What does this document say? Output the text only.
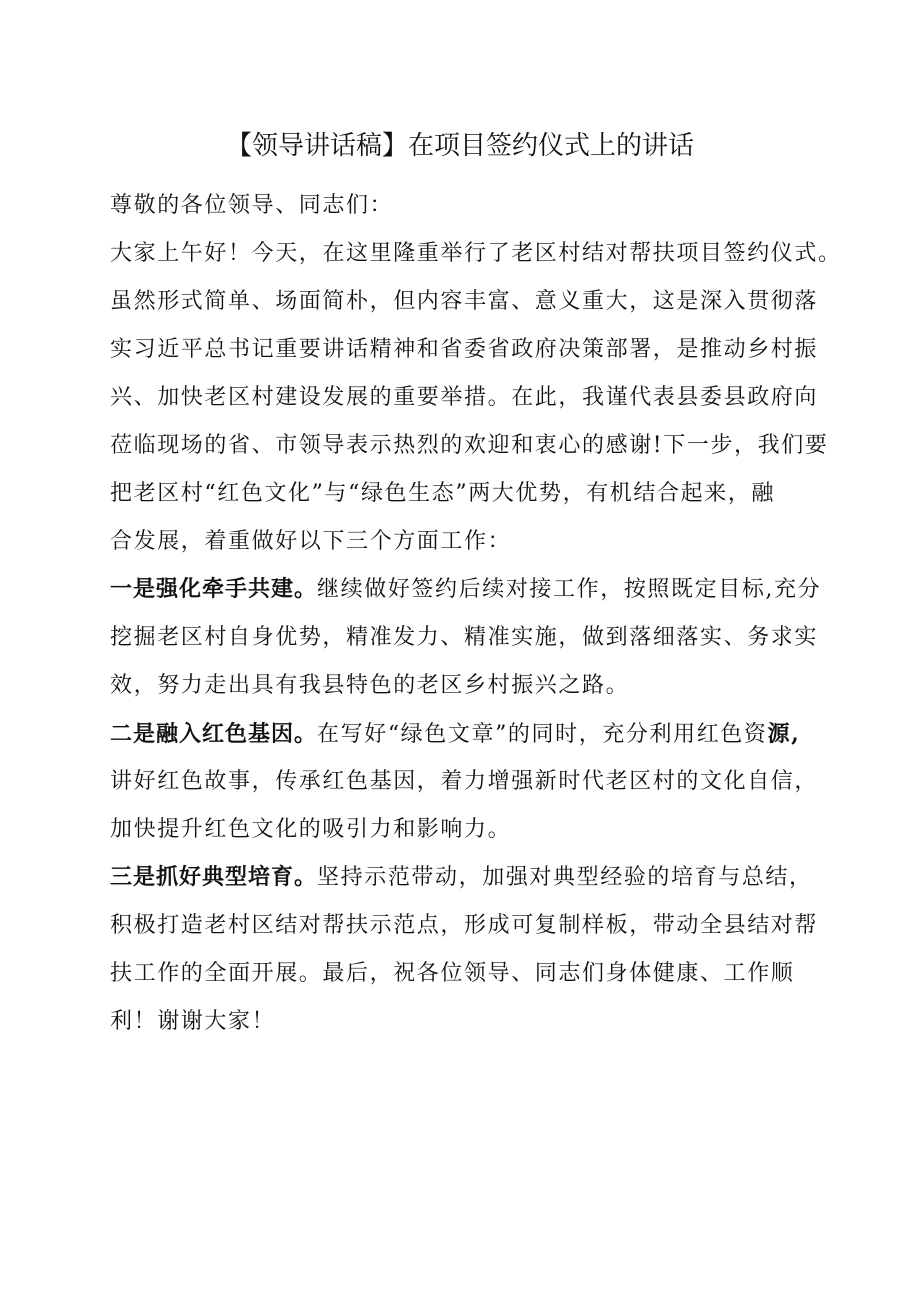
【领导讲话稿】在项目签约仪式上的讲话
尊敬的各位领导、同志们：
大家上午好！今天，在这里隆重举行了老区村结对帮扶项目签约仪式。
虽然形式简单、场面简朴，但内容丰富、意义重大，这是深入贯彻落
实习近平总书记重要讲话精神和省委省政府决策部署，是推动乡村振
兴、加快老区村建设发展的重要举措。在此，我谨代表县委县政府向
莅临现场的省、市领导表示热烈的欢迎和衷心的感谢!下一步，我们要
把老区村“红色文化”与“绿色生态”两大优势，有机结合起来，融
合发展，着重做好以下三个方面工作：
一是强化牵手共建。继续做好签约后续对接工作，按照既定目标,充分
挖掘老区村自身优势，精准发力、精准实施，做到落细落实、务求实
效，努力走出具有我县特色的老区乡村振兴之路。
二是融入红色基因。在写好“绿色文章”的同时，充分利用红色资源,
讲好红色故事，传承红色基因，着力增强新时代老区村的文化自信，
加快提升红色文化的吸引力和影响力。
三是抓好典型培育。坚持示范带动，加强对典型经验的培育与总结，
积极打造老村区结对帮扶示范点，形成可复制样板，带动全县结对帮
扶工作的全面开展。最后，祝各位领导、同志们身体健康、工作顺
利！谢谢大家！
